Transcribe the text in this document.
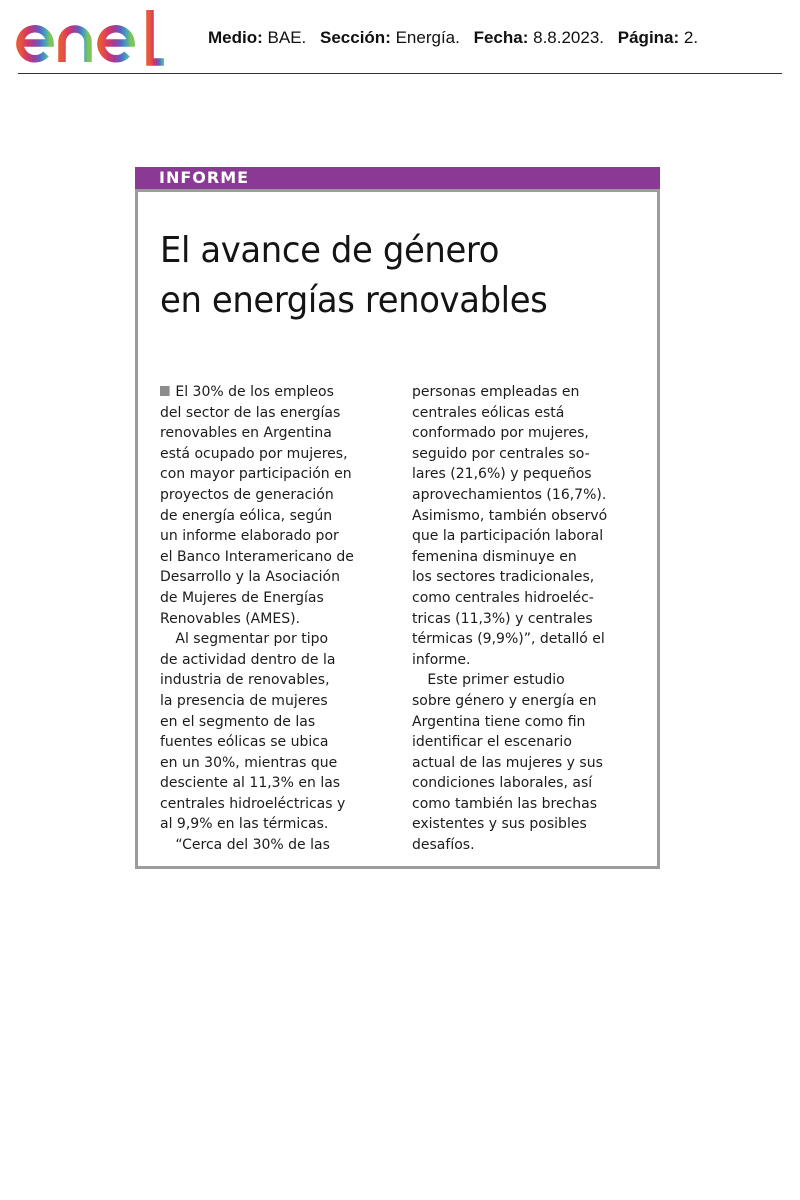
Medio: BAE. Sección: Energía. Fecha: 8.8.2023. Página: 2.
INFORME
El avance de género
en energías renovables
El 30% de los empleos
del sector de las energías
renovables en Argentina
está ocupado por mujeres,
con mayor participación en
proyectos de generación
de energía eólica, según
un informe elaborado por
el Banco Interamericano de
Desarrollo y la Asociación
de Mujeres de Energías
Renovables (AMES).
Al segmentar por tipo
de actividad dentro de la
industria de renovables,
la presencia de mujeres
en el segmento de las
fuentes eólicas se ubica
en un 30%, mientras que
desciente al 11,3% en las
centrales hidroeléctricas y
al 9,9% en las térmicas.
“Cerca del 30% de las
personas empleadas en
centrales eólicas está
conformado por mujeres,
seguido por centrales so-
lares (21,6%) y pequeños
aprovechamientos (16,7%).
Asimismo, también observó
que la participación laboral
femenina disminuye en
los sectores tradicionales,
como centrales hidroeléc-
tricas (11,3%) y centrales
térmicas (9,9%)”, detalló el
informe.
Este primer estudio
sobre género y energía en
Argentina tiene como fin
identificar el escenario
actual de las mujeres y sus
condiciones laborales, así
como también las brechas
existentes y sus posibles
desafíos.
